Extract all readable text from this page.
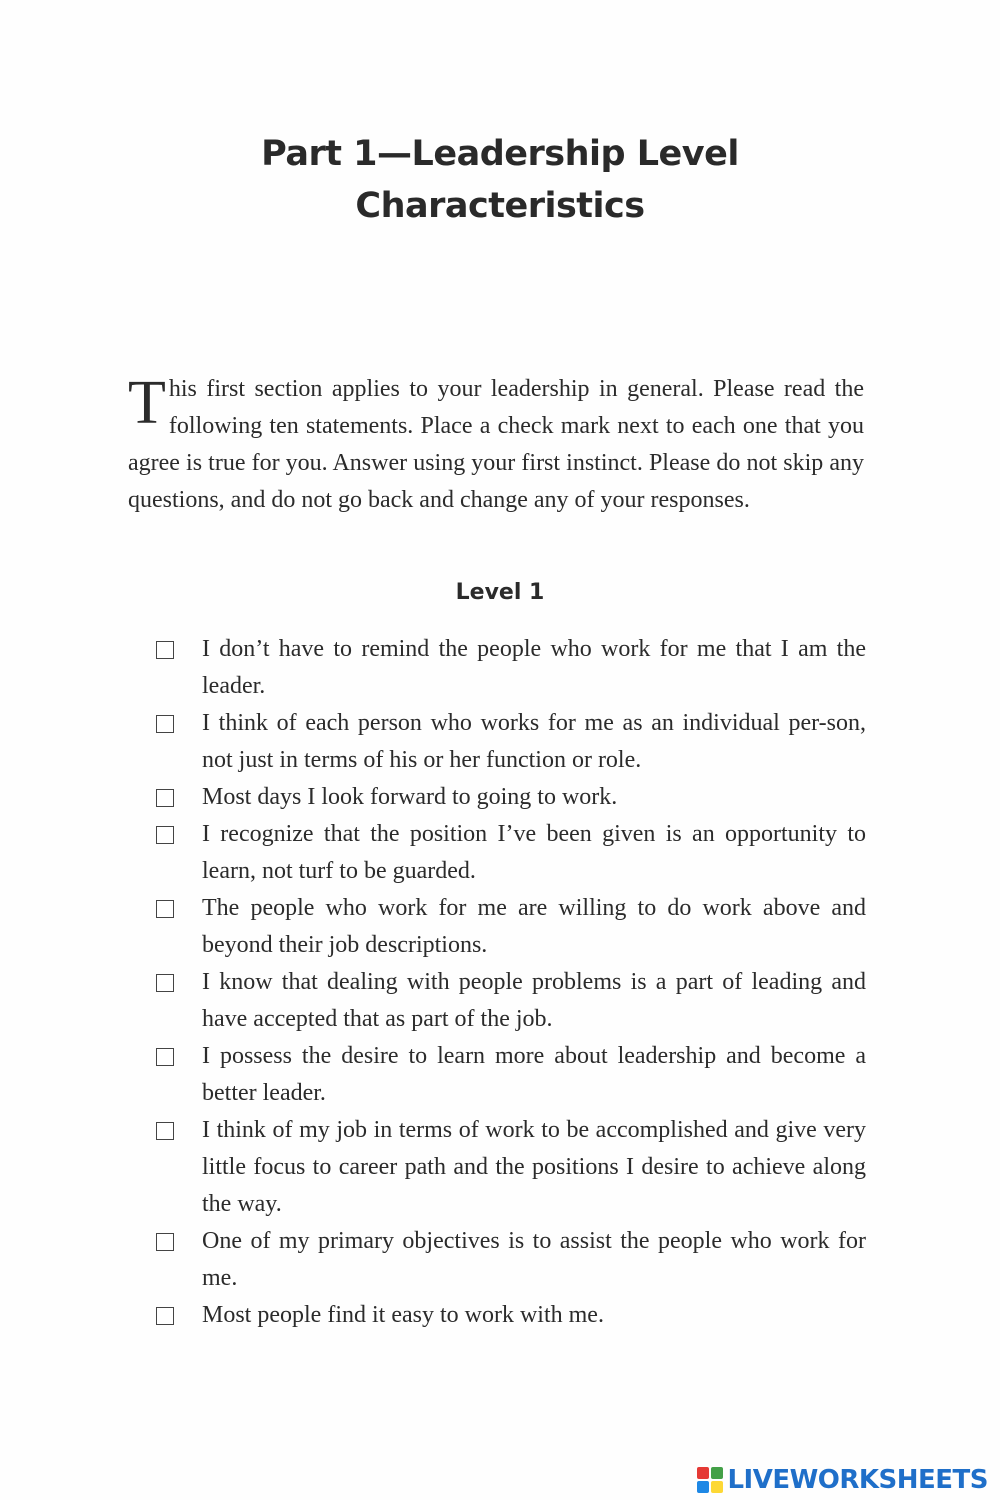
Part 1—Leadership Level
Characteristics
This first section applies to your leadership in general. Please read the following ten statements. Place a check mark next to each one that you agree is true for you. Answer using your first instinct. Please do not skip any questions, and do not go back and change any of your responses.
Level 1
I don’t have to remind the people who work for me that I am the leader.
I think of each person who works for me as an individual per-son, not just in terms of his or her function or role.
Most days I look forward to going to work.
I recognize that the position I’ve been given is an opportunity to learn, not turf to be guarded.
The people who work for me are willing to do work above and beyond their job descriptions.
I know that dealing with people problems is a part of leading and have accepted that as part of the job.
I possess the desire to learn more about leadership and become a better leader.
I think of my job in terms of work to be accomplished and give very little focus to career path and the positions I desire to achieve along the way.
One of my primary objectives is to assist the people who work for me.
Most people find it easy to work with me.
LIVEWORKSHEETS
